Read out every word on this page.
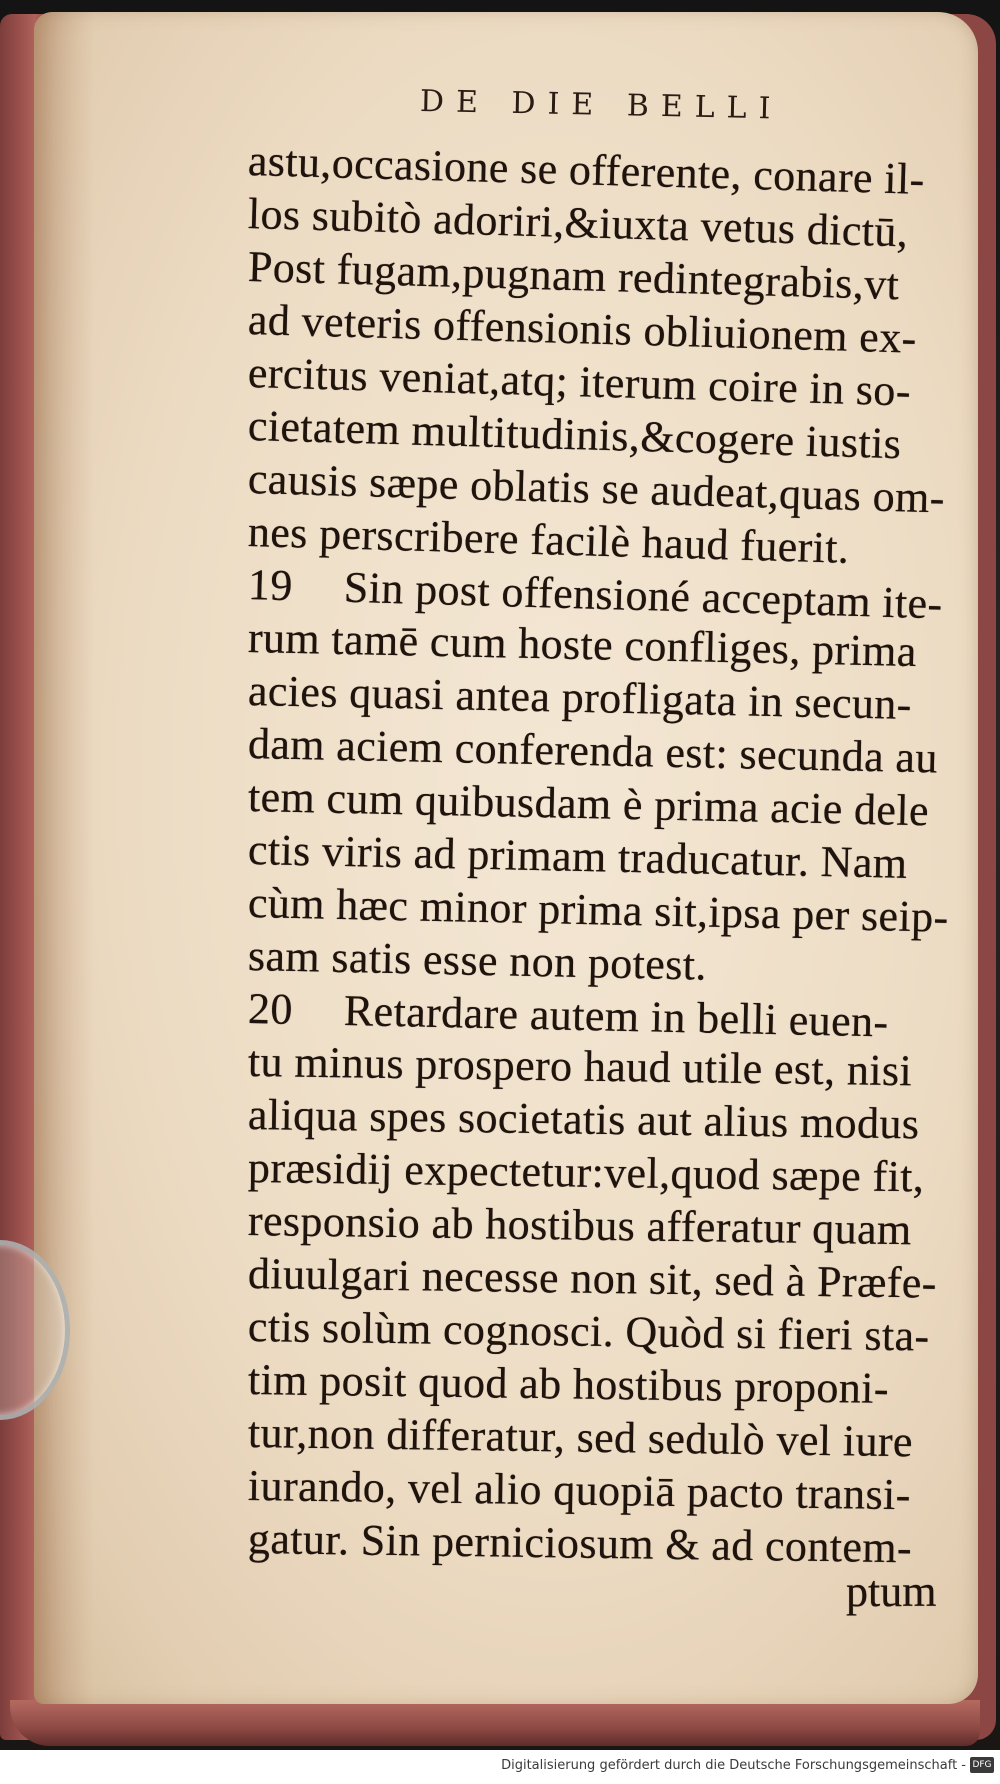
DE DIE BELLI
astu,occasione se offerente, conare il-
los subitò adoriri,&iuxta vetus dictū,
Post fugam,pugnam redintegrabis,vt
ad veteris offensionis obliuionem ex-
ercitus veniat,atq; iterum coire in so-
cietatem multitudinis,&cogere iustis
causis sæpe oblatis se audeat,quas om-
nes perscribere facilè haud fuerit.
19 Sin post offensioné acceptam ite-
rum tamē cum hoste confliges, prima
acies quasi antea profligata in secun-
dam aciem conferenda est: secunda au
tem cum quibusdam è prima acie dele
ctis viris ad primam traducatur. Nam
cùm hæc minor prima sit,ipsa per seip-
sam satis esse non potest.
20 Retardare autem in belli euen-
tu minus prospero haud utile est, nisi
aliqua spes societatis aut alius modus
præsidij expectetur:vel,quod sæpe fit,
responsio ab hostibus afferatur quam
diuulgari necesse non sit, sed à Præfe-
ctis solùm cognosci. Quòd si fieri sta-
tim posit quod ab hostibus proponi-
tur,non differatur, sed sedulò vel iure
iurando, vel alio quopiā pacto transi-
gatur. Sin perniciosum & ad contem-
ptum
Digitalisierung gefördert durch die Deutsche Forschungsgemeinschaft - DFG
